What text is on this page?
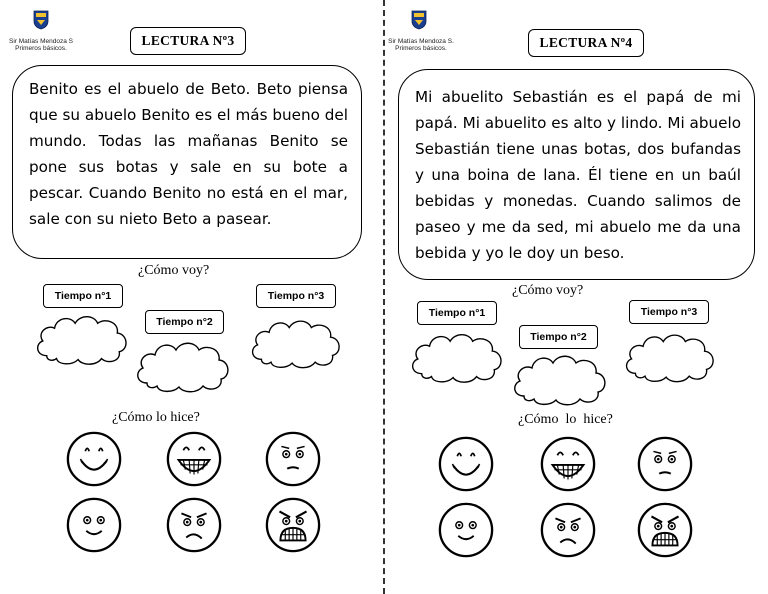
Sir Matías Mendoza S
Primeros básicos.
LECTURA Nº3
Benito es el abuelo de Beto. Beto piensa que su abuelo Benito es el más bueno del mundo. Todas las mañanas Benito se pone sus botas y sale en su bote a pescar. Cuando Benito no está en el mar, sale con su nieto Beto a pasear.
¿Cómo voy?
Tiempo n°1
Tiempo n°2
Tiempo n°3
¿Cómo lo hice?
Sir Matías Mendoza S.
Primeros básicos.	LECTURA Nº4
Mi abuelito Sebastián es el papá de mi papá. Mi abuelito es alto y lindo. Mi abuelo Sebastián tiene unas botas, dos bufandas y una boina de lana. Él tiene en un baúl bebidas y monedas. Cuando salimos de paseo y me da sed, mi abuelo me da una bebida y yo le doy un beso.
¿Cómo voy?
Tiempo n°1
Tiempo n°2
Tiempo n°3
¿Cómo  lo  hice?
